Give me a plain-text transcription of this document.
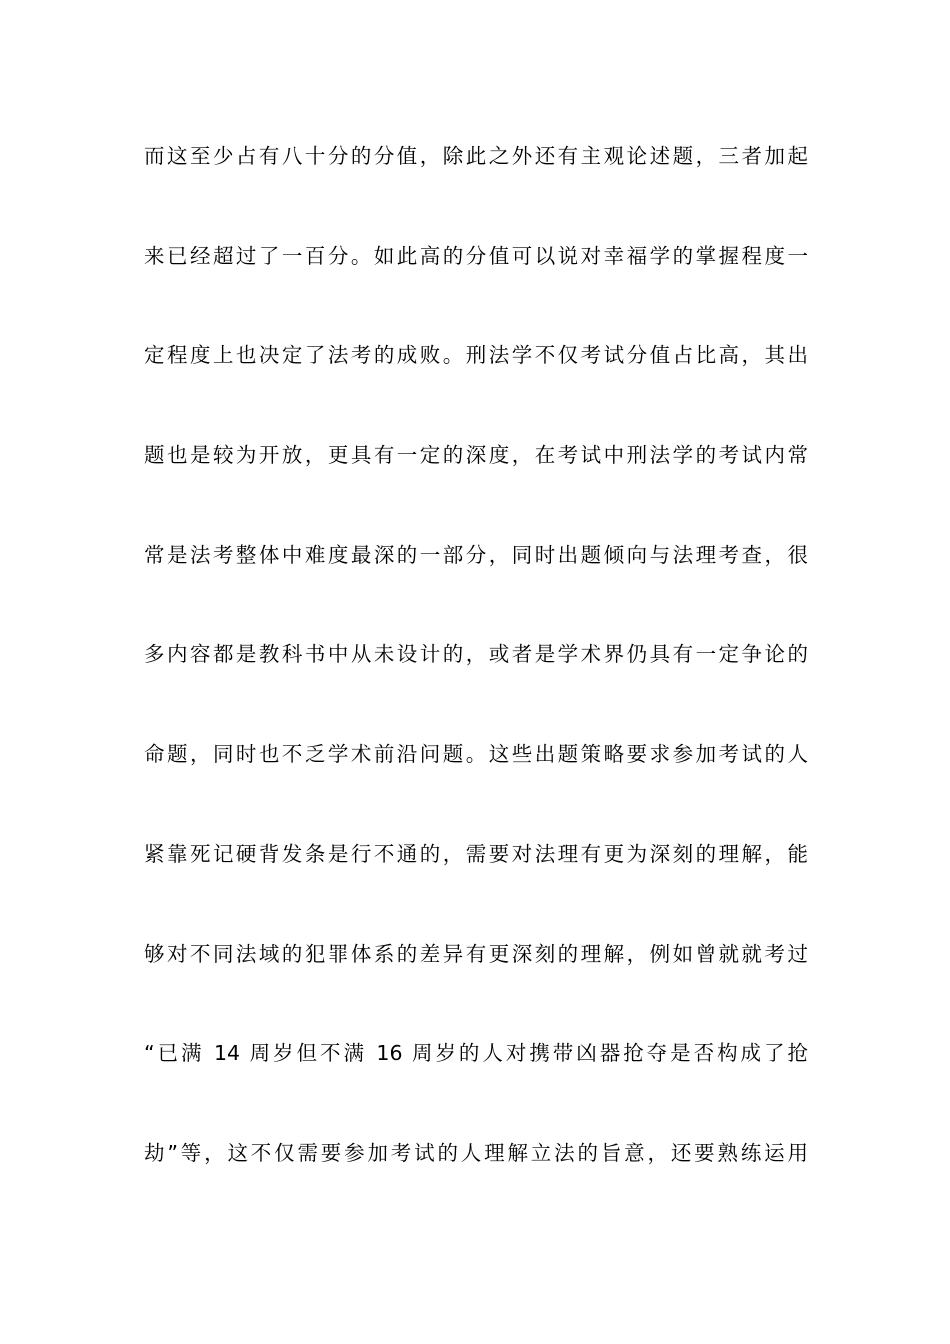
而这至少占有八十分的分值，除此之外还有主观论述题，三者加起
来已经超过了一百分。如此高的分值可以说对幸福学的掌握程度一
定程度上也决定了法考的成败。刑法学不仅考试分值占比高，其出
题也是较为开放，更具有一定的深度，在考试中刑法学的考试内常
常是法考整体中难度最深的一部分，同时出题倾向与法理考查，很
多内容都是教科书中从未设计的，或者是学术界仍具有一定争论的
命题，同时也不乏学术前沿问题。这些出题策略要求参加考试的人
紧靠死记硬背发条是行不通的，需要对法理有更为深刻的理解，能
够对不同法域的犯罪体系的差异有更深刻的理解，例如曾就就考过
“已满 14 周岁但不满 16 周岁的人对携带凶器抢夺是否构成了抢
劫”等，这不仅需要参加考试的人理解立法的旨意，还要熟练运用
